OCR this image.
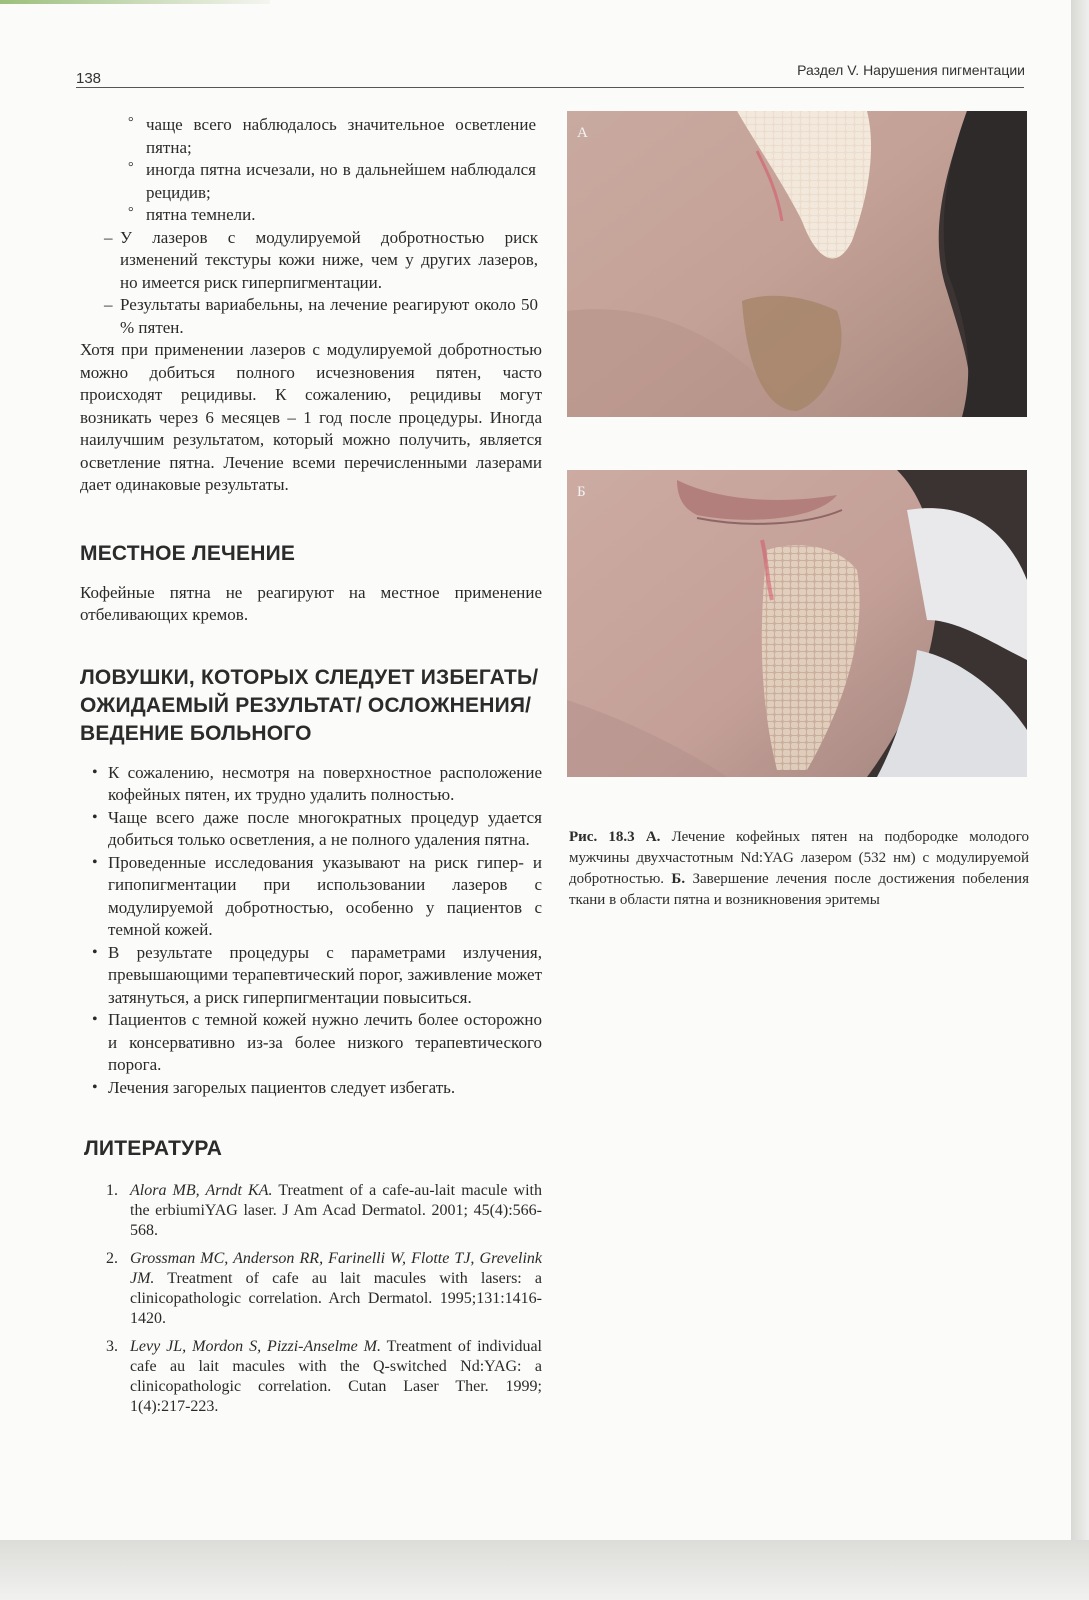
138	Раздел V. Нарушения пигментации
° чаще всего наблюдалось значительное осветление пятна;
° иногда пятна исчезали, но в дальнейшем наблюдался рецидив;
° пятна темнели.
– У лазеров с модулируемой добротностью риск изменений текстуры кожи ниже, чем у других лазеров, но имеется риск гиперпигментации.
– Результаты вариабельны, на лечение реагируют около 50 % пятен.

Хотя при применении лазеров с модулируемой добротностью можно добиться полного исчезновения пятен, часто происходят рецидивы. К сожалению, рецидивы могут возникать через 6 месяцев – 1 год после процедуры. Иногда наилучшим результатом, который можно получить, является осветление пятна. Лечение всеми перечисленными лазерами дает одинаковые результаты.

МЕСТНОЕ ЛЕЧЕНИЕ

Кофейные пятна не реагируют на местное применение отбеливающих кремов.

ЛОВУШКИ, КОТОРЫХ СЛЕДУЕТ ИЗБЕГАТЬ/ ОЖИДАЕМЫЙ РЕЗУЛЬТАТ/ ОСЛОЖНЕНИЯ/ ВЕДЕНИЕ БОЛЬНОГО
• К сожалению, несмотря на поверхностное расположение кофейных пятен, их трудно удалить полностью.
• Чаще всего даже после многократных процедур удается добиться только осветления, а не полного удаления пятна.
• Проведенные исследования указывают на риск гипер- и гипопигментации при использовании лазеров с модулируемой добротностью, особенно у пациентов с темной кожей.
• В результате процедуры с параметрами излучения, превышающими терапевтический порог, заживление может затянуться, а риск гиперпигментации повыситься.
• Пациентов с темной кожей нужно лечить более осторожно и консервативно из-за более низкого терапевтического порога.
• Лечения загорелых пациентов следует избегать.
ЛИТЕРАТУРА
1. Alora MB, Arndt KA. Treatment of a cafe-au-lait macule with the erbiumiYAG laser. J Am Acad Dermatol. 2001; 45(4):566-568.
2. Grossman MC, Anderson RR, Farinelli W, Flotte TJ, Grevelink JM. Treatment of cafe au lait macules with lasers: a clinicopathologic correlation. Arch Dermatol. 1995;131:1416-1420.
3. Levy JL, Mordon S, Pizzi-Anselme M. Treatment of individual cafe au lait macules with the Q-switched Nd:YAG: a clinicopathologic correlation. Cutan Laser Ther. 1999; 1(4):217-223.
А
Б
Рис. 18.3 А. Лечение кофейных пятен на подбородке молодого мужчины двухчастотным Nd:YAG лазером (532 нм) с модулируемой добротностью. Б. Завершение лечения после достижения побеления ткани в области пятна и возникновения эритемы
